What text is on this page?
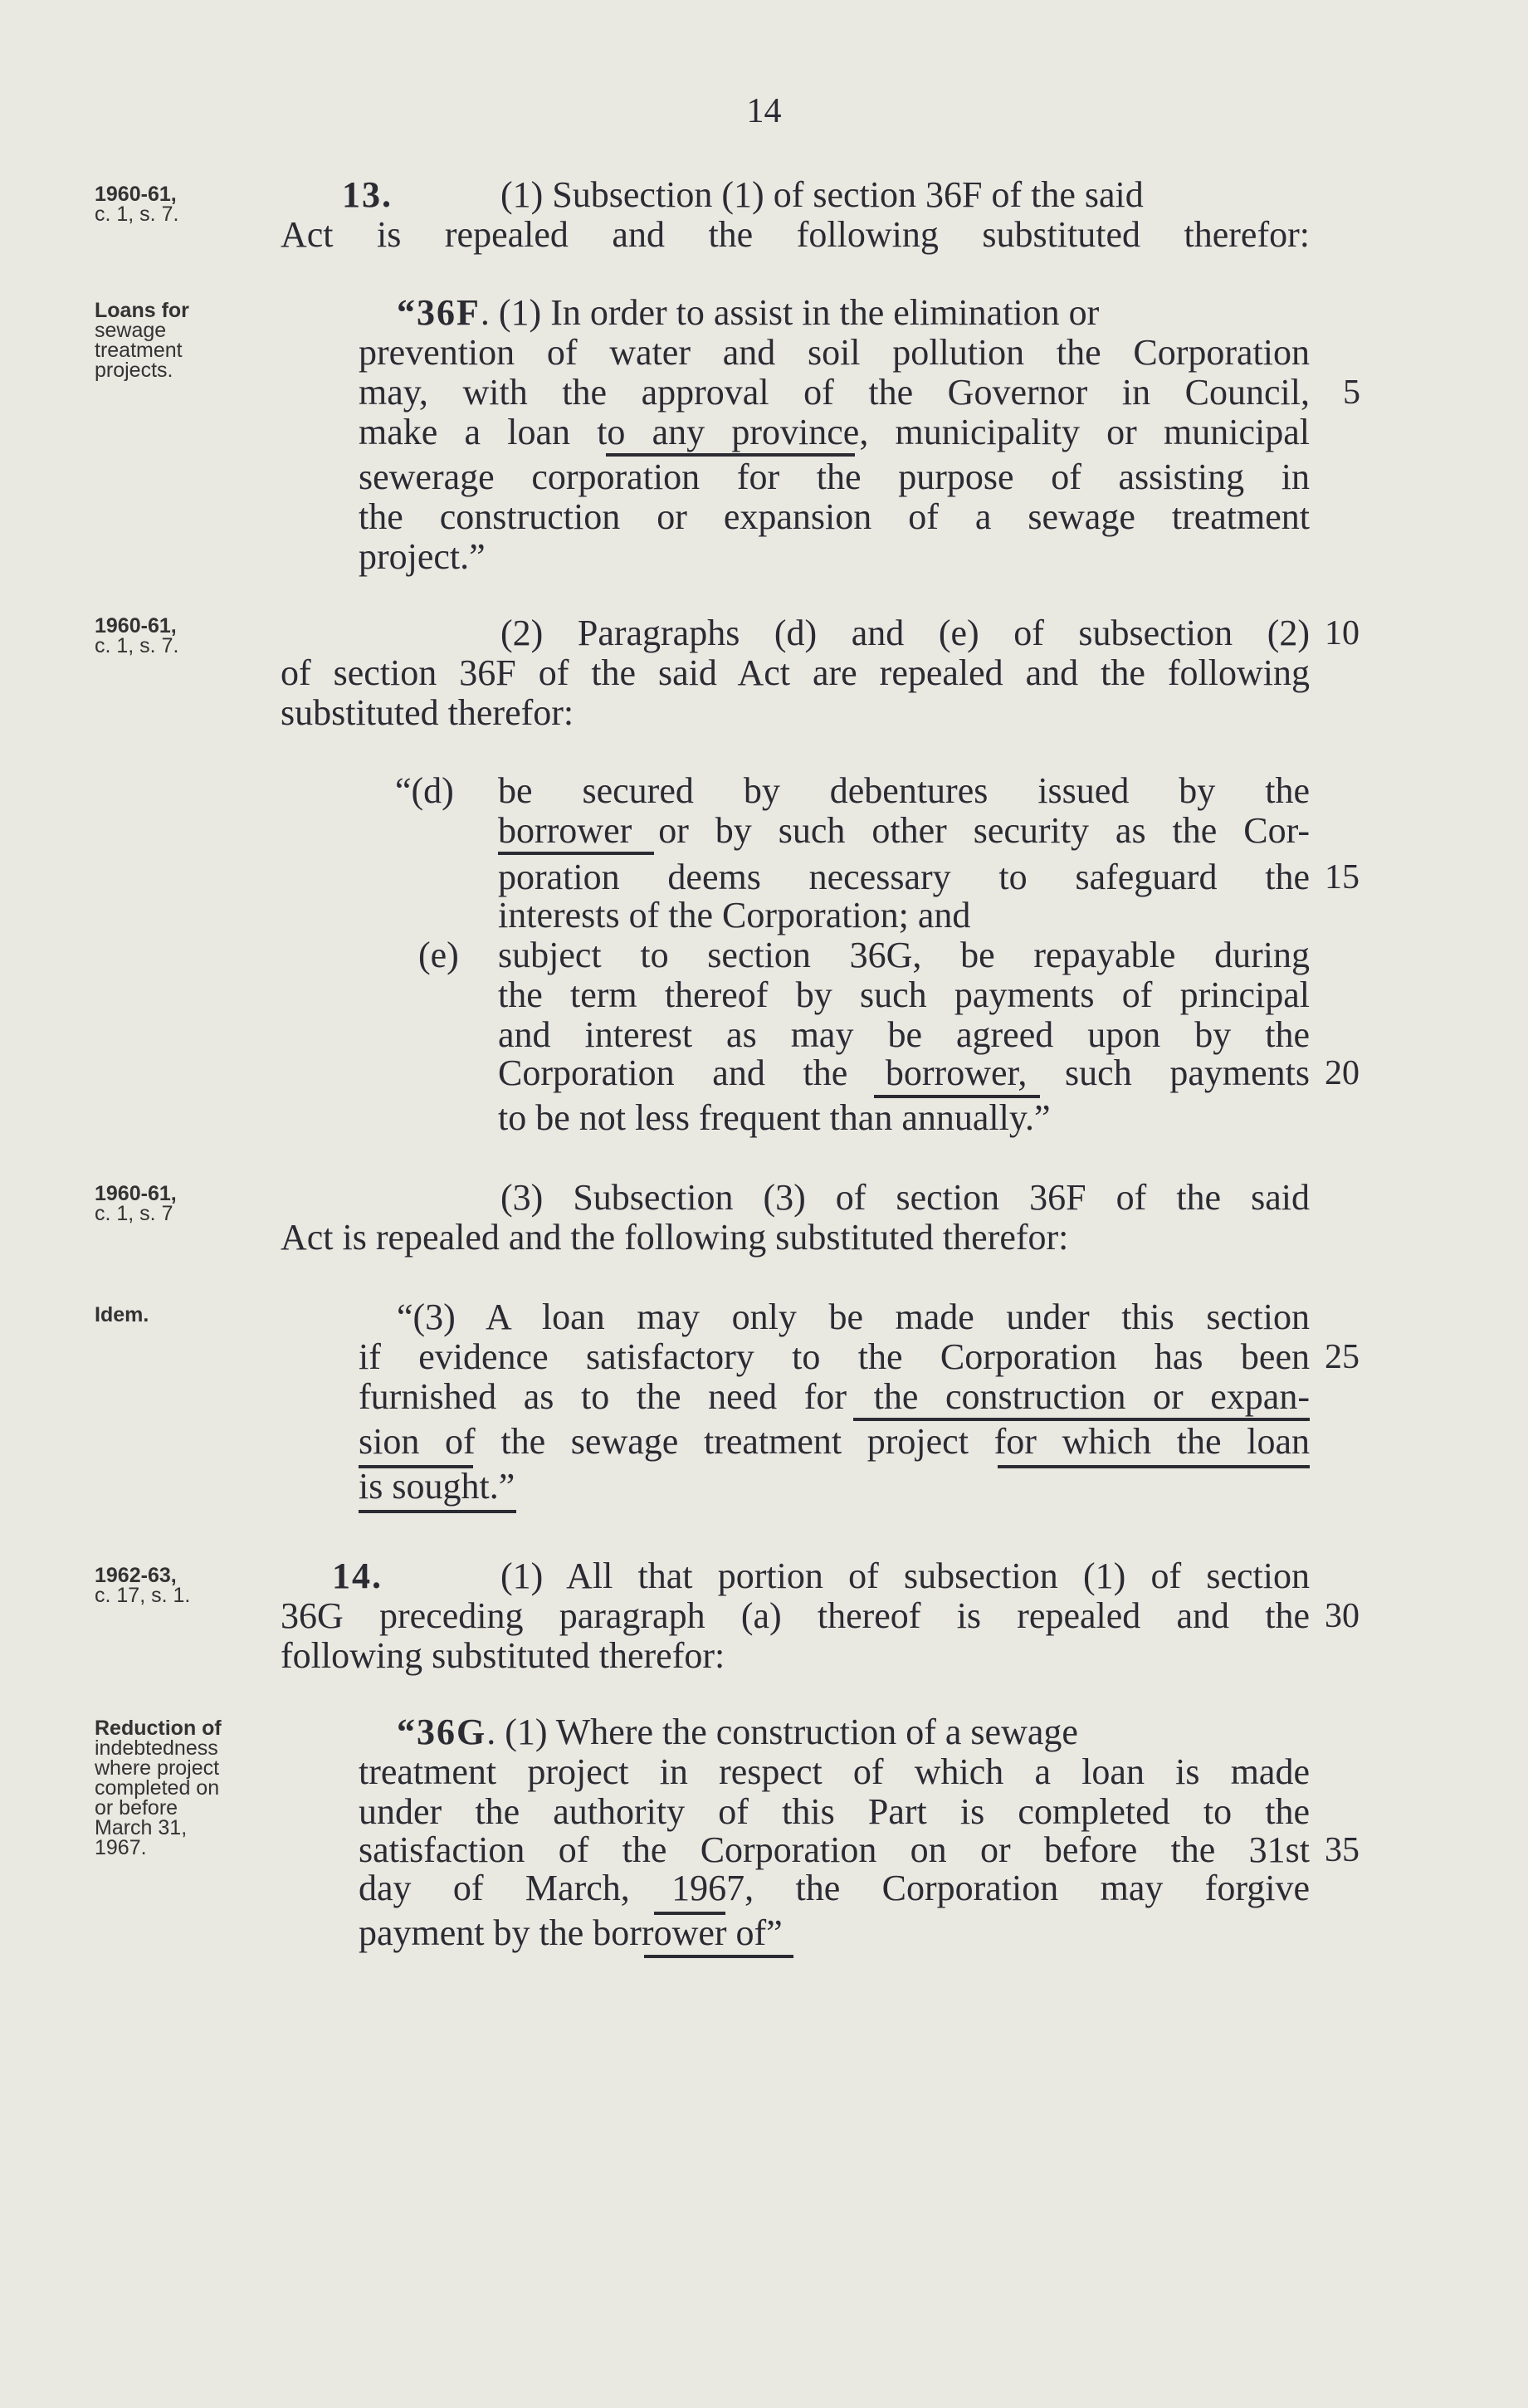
14
1960-61,
c. 1, s. 7.
Loans for
sewage
treatment
projects.
1960-61,
c. 1, s. 7.
1960-61,
c. 1, s. 7
Idem.
1962-63,
c. 17, s. 1.
Reduction of
indebtedness
where project
completed on
or before
March 31,
1967.
13.	(1) Subsection (1) of section 36F of the said
Act is repealed and the following substituted therefor:
“36F. (1) In order to assist in the elimination or
prevention of water and soil pollution the Corporation
may, with the approval of the Governor in Council,
make a loan to any province, municipality or municipal
sewerage corporation for the purpose of assisting in
the construction or expansion of a sewage treatment
project.”
(2) Paragraphs (d) and (e) of subsection (2)
of section 36F of the said Act are repealed and the following
substituted therefor:
“(d) be secured by debentures issued by the
borrower or by such other security as the Cor-
poration deems necessary to safeguard the
interests of the Corporation; and
(e) subject to section 36G, be repayable during
the term thereof by such payments of principal
and interest as may be agreed upon by the
Corporation and the borrower, such payments
to be not less frequent than annually.”
(3) Subsection (3) of section 36F of the said
Act is repealed and the following substituted therefor:
“(3) A loan may only be made under this section
if evidence satisfactory to the Corporation has been
furnished as to the need for the construction or expan-
sion of the sewage treatment project for which the loan
is sought.”
14.	(1) All that portion of subsection (1) of section
36G preceding paragraph (a) thereof is repealed and the
following substituted therefor:
“36G. (1) Where the construction of a sewage
treatment project in respect of which a loan is made
under the authority of this Part is completed to the
satisfaction of the Corporation on or before the 31st
day of March, 1967, the Corporation may forgive
payment by the borrower of”
5
10
15
20
25
30
35
